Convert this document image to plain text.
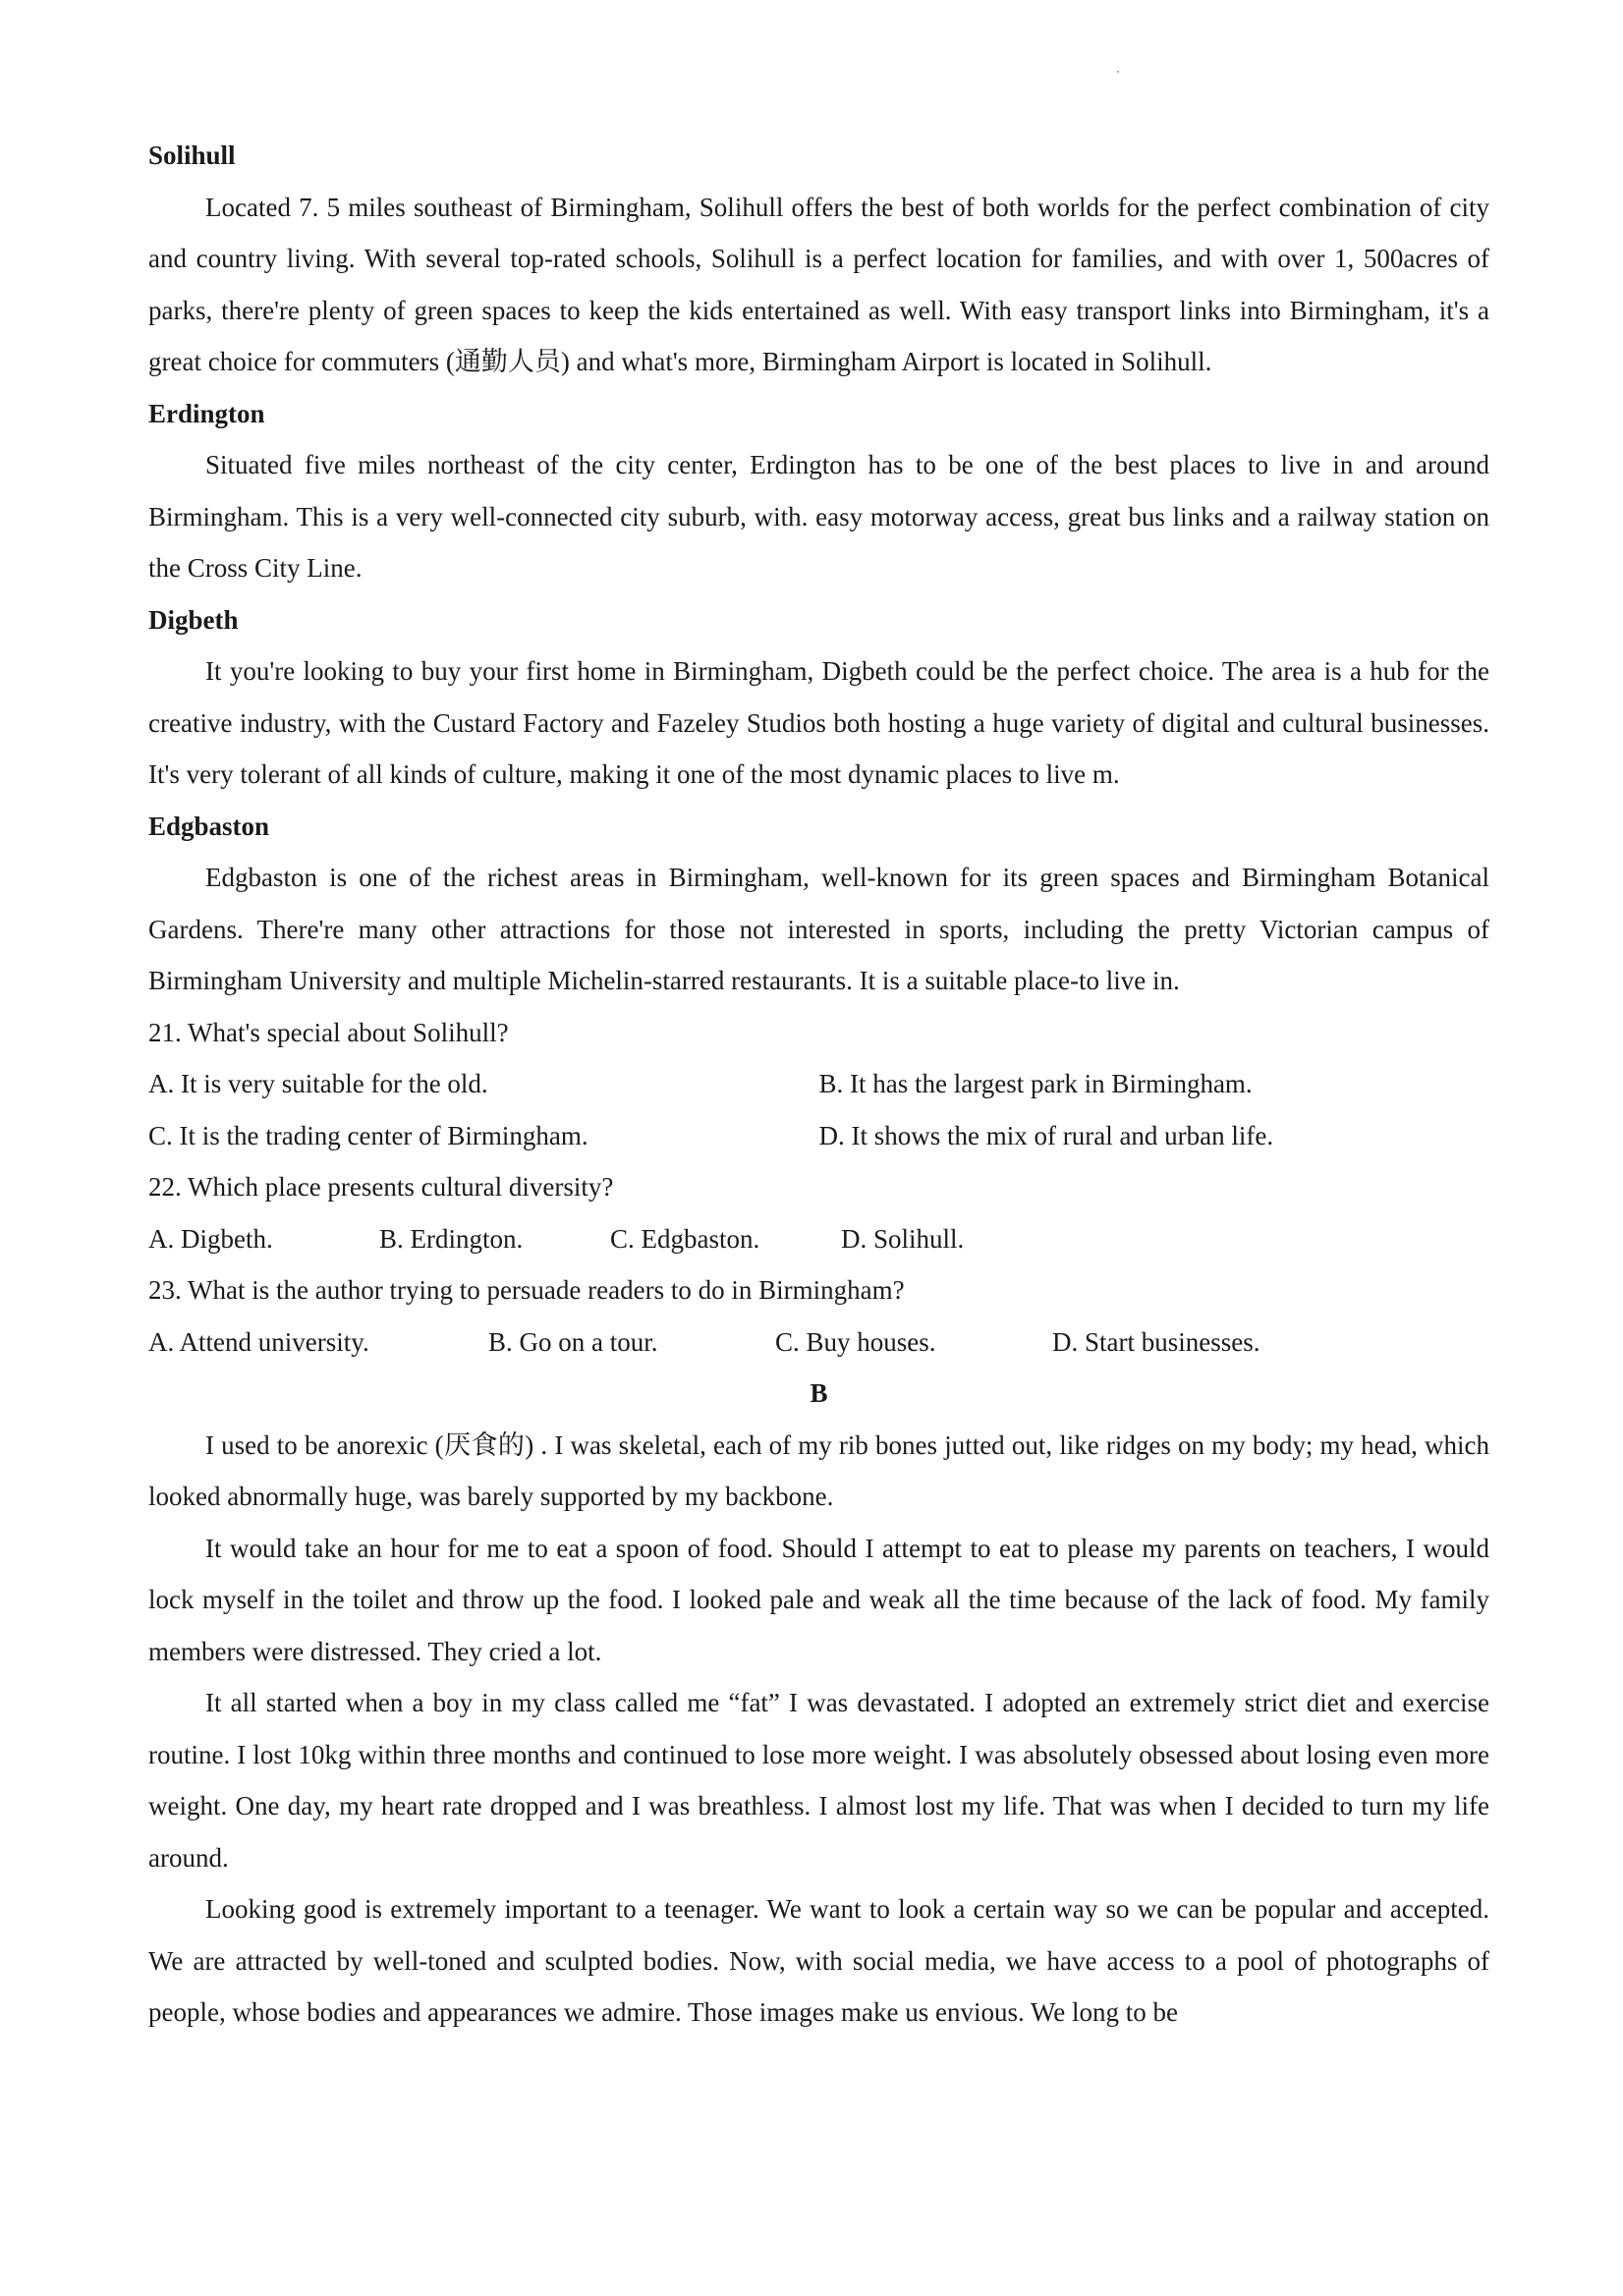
Solihull

Located 7. 5 miles southeast of Birmingham, Solihull offers the best of both worlds for the perfect combination of city and country living. With several top-rated schools, Solihull is a perfect location for families, and with over 1, 500acres of parks, there're plenty of green spaces to keep the kids entertained as well. With easy transport links into Birmingham, it's a great choice for commuters (通勤人员) and what's more, Birmingham Airport is located in Solihull.

Erdington

Situated five miles northeast of the city center, Erdington has to be one of the best places to live in and around Birmingham. This is a very well-connected city suburb, with. easy motorway access, great bus links and a railway station on the Cross City Line.

Digbeth

It you're looking to buy your first home in Birmingham, Digbeth could be the perfect choice. The area is a hub for the creative industry, with the Custard Factory and Fazeley Studios both hosting a huge variety of digital and cultural businesses. It's very tolerant of all kinds of culture, making it one of the most dynamic places to live m.

Edgbaston

Edgbaston is one of the richest areas in Birmingham, well-known for its green spaces and Birmingham Botanical Gardens. There're many other attractions for those not interested in sports, including the pretty Victorian campus of Birmingham University and multiple Michelin-starred restaurants. It is a suitable place-to live in.

21. What's special about Solihull?

A. It is very suitable for the old.	B. It has the largest park in Birmingham.
C. It is the trading center of Birmingham.	D. It shows the mix of rural and urban life.

22. Which place presents cultural diversity?

A. Digbeth.	B. Erdington.	C. Edgbaston.	D. Solihull.

23. What is the author trying to persuade readers to do in Birmingham?

A. Attend university.	B. Go on a tour.	C. Buy houses.	D. Start businesses.

B

I used to be anorexic (厌食的) . I was skeletal, each of my rib bones jutted out, like ridges on my body; my head, which looked abnormally huge, was barely supported by my backbone.

It would take an hour for me to eat a spoon of food. Should I attempt to eat to please my parents on teachers, I would lock myself in the toilet and throw up the food. I looked pale and weak all the time because of the lack of food. My family members were distressed. They cried a lot.

It all started when a boy in my class called me “fat” I was devastated. I adopted an extremely strict diet and exercise routine. I lost 10kg within three months and continued to lose more weight. I was absolutely obsessed about losing even more weight. One day, my heart rate dropped and I was breathless. I almost lost my life. That was when I decided to turn my life around.

Looking good is extremely important to a teenager. We want to look a certain way so we can be popular and accepted. We are attracted by well-toned and sculpted bodies. Now, with social media, we have access to a pool of photographs of people, whose bodies and appearances we admire. Those images make us envious. We long to be
